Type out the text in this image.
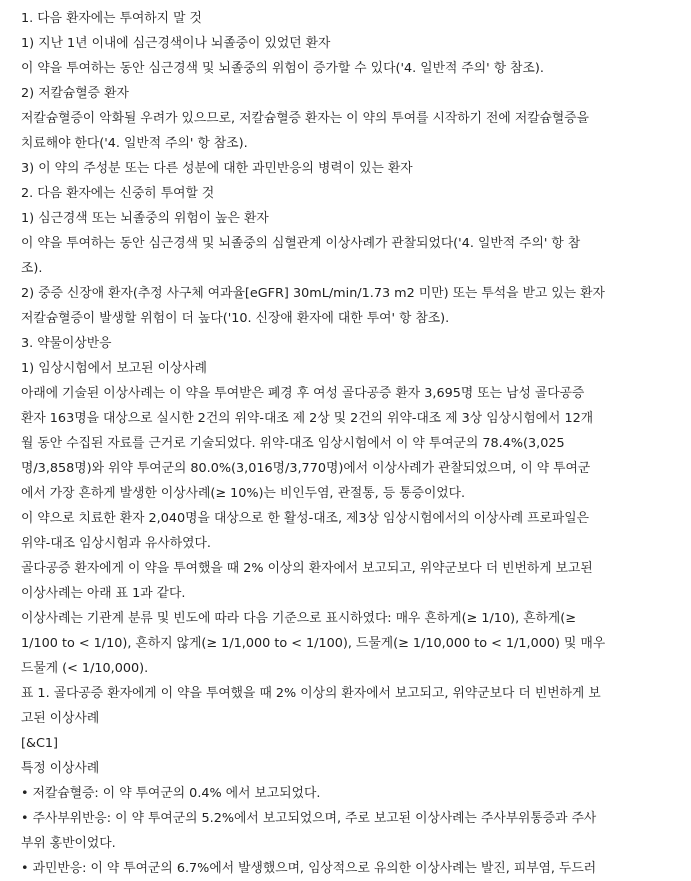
1. 다음 환자에는 투여하지 말 것
1) 지난 1년 이내에 심근경색이나 뇌졸중이 있었던 환자
이 약을 투여하는 동안 심근경색 및 뇌졸중의 위험이 증가할 수 있다('4. 일반적 주의' 항 참조).
2) 저칼슘혈증 환자
저칼슘혈증이 악화될 우려가 있으므로, 저칼슘혈증 환자는 이 약의 투여를 시작하기 전에 저칼슘혈증을
치료해야 한다('4. 일반적 주의' 항 참조).
3) 이 약의 주성분 또는 다른 성분에 대한 과민반응의 병력이 있는 환자
2. 다음 환자에는 신중히 투여할 것
1) 심근경색 또는 뇌졸중의 위험이 높은 환자
이 약을 투여하는 동안 심근경색 및 뇌졸중의 심혈관계 이상사례가 관찰되었다('4. 일반적 주의' 항 참
조).
2) 중증 신장애 환자(추정 사구체 여과율[eGFR] 30mL/min/1.73 m2 미만) 또는 투석을 받고 있는 환자
저칼슘혈증이 발생할 위험이 더 높다('10. 신장애 환자에 대한 투여' 항 참조).
3. 약물이상반응
1) 임상시험에서 보고된 이상사례
아래에 기술된 이상사례는 이 약을 투여받은 폐경 후 여성 골다공증 환자 3,695명 또는 남성 골다공증
환자 163명을 대상으로 실시한 2건의 위약-대조 제 2상 및 2건의 위약-대조 제 3상 임상시험에서 12개
월 동안 수집된 자료를 근거로 기술되었다. 위약-대조 임상시험에서 이 약 투여군의 78.4%(3,025
명/3,858명)와 위약 투여군의 80.0%(3,016명/3,770명)에서 이상사례가 관찰되었으며, 이 약 투여군
에서 가장 흔하게 발생한 이상사례(≥ 10%)는 비인두염, 관절통, 등 통증이었다.
이 약으로 치료한 환자 2,040명을 대상으로 한 활성-대조, 제3상 임상시험에서의 이상사례 프로파일은
위약-대조 임상시험과 유사하였다.
골다공증 환자에게 이 약을 투여했을 때 2% 이상의 환자에서 보고되고, 위약군보다 더 빈번하게 보고된
이상사례는 아래 표 1과 같다.
이상사례는 기관계 분류 및 빈도에 따라 다음 기준으로 표시하였다: 매우 흔하게(≥ 1/10), 흔하게(≥
1/100 to < 1/10), 흔하지 않게(≥ 1/1,000 to < 1/100), 드물게(≥ 1/10,000 to < 1/1,000) 및 매우
드물게 (< 1/10,000).
표 1. 골다공증 환자에게 이 약을 투여했을 때 2% 이상의 환자에서 보고되고, 위약군보다 더 빈번하게 보
고된 이상사례
[&C1]
특정 이상사례
• 저칼슘혈증: 이 약 투여군의 0.4% 에서 보고되었다.
• 주사부위반응: 이 약 투여군의 5.2%에서 보고되었으며, 주로 보고된 이상사례는 주사부위통증과 주사
부위 홍반이었다.
• 과민반응: 이 약 투여군의 6.7%에서 발생했으며, 임상적으로 유의한 이상사례는 발진, 피부염, 두드러
